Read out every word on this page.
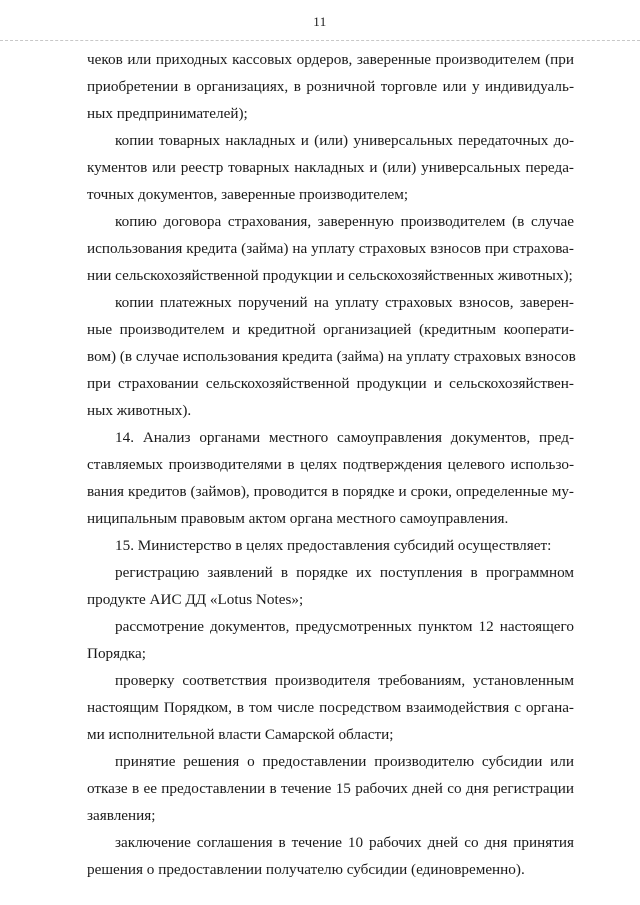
11
чеков или приходных кассовых ордеров, заверенные производителем (при
приобретении в организациях, в розничной торговле или у индивидуаль-
ных предпринимателей);
копии товарных накладных и (или) универсальных передаточных до-
кументов или реестр товарных накладных и (или) универсальных переда-
точных документов, заверенные производителем;
копию договора страхования, заверенную производителем (в случае
использования кредита (займа) на уплату страховых взносов при страхова-
нии сельскохозяйственной продукции и сельскохозяйственных животных);
копии платежных поручений на уплату страховых взносов, заверен-
ные производителем и кредитной организацией (кредитным кооперати-
вом) (в случае использования кредита (займа) на уплату страховых взносов
при страховании сельскохозяйственной продукции и сельскохозяйствен-
ных животных).
14. Анализ органами местного самоуправления документов, пред-
ставляемых производителями в целях подтверждения целевого использо-
вания кредитов (займов), проводится в порядке и сроки, определенные му-
ниципальным правовым актом органа местного самоуправления.
15. Министерство в целях предоставления субсидий осуществляет:
регистрацию заявлений в порядке их поступления в программном
продукте АИС ДД «Lotus Notes»;
рассмотрение документов, предусмотренных пунктом 12 настоящего
Порядка;
проверку соответствия производителя требованиям, установленным
настоящим Порядком, в том числе посредством взаимодействия с органа-
ми исполнительной власти Самарской области;
принятие решения о предоставлении производителю субсидии или
отказе в ее предоставлении в течение 15 рабочих дней со дня регистрации
заявления;
заключение соглашения в течение 10 рабочих дней со дня принятия
решения о предоставлении получателю субсидии (единовременно).
